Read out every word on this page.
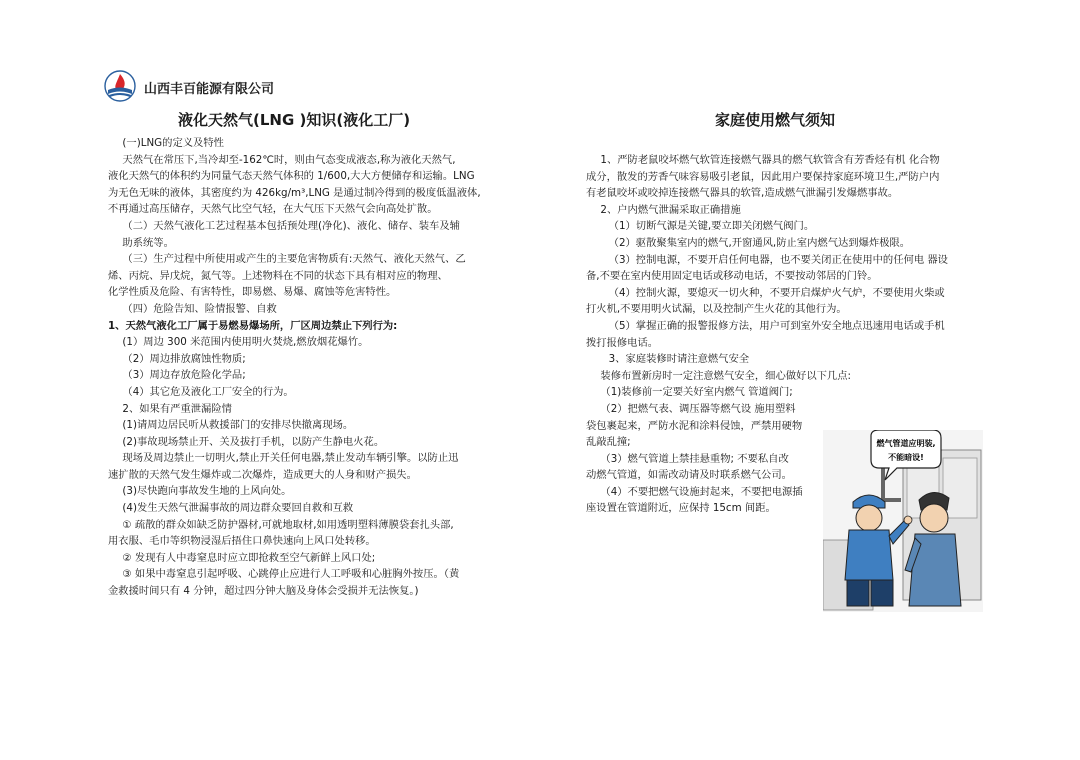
山西丰百能源有限公司
液化天然气(LNG )知识(液化工厂)

(一)LNG的定义及特性

天然气在常压下,当冷却至-162℃时，则由气态变成液态,称为液化天然气,

液化天然气的体积约为同量气态天然气体积的 1/600,大大方便储存和运输。LNG

为无色无味的液体，其密度约为 426kg/m³,LNG 是通过制冷得到的极度低温液体,

不再通过高压储存，天然气比空气轻，在大气压下天然气会向高处扩散。

（二）天然气液化工艺过程基本包括预处理(净化)、液化、储存、装车及辅

助系统等。

（三）生产过程中所使用或产生的主要危害物质有:天然气、液化天然气、乙

烯、丙烷、异戊烷，氮气等。上述物料在不同的状态下具有相对应的物理、

化学性质及危险、有害特性，即易燃、易爆、腐蚀等危害特性。

（四）危险告知、险情报警、自救

1、天然气液化工厂属于易燃易爆场所，厂区周边禁止下列行为:

(1）周边 300 米范围内使用明火焚烧,燃放烟花爆竹。

（2）周边排放腐蚀性物质;

（3）周边存放危险化学品;

（4）其它危及液化工厂安全的行为。

2、如果有严重泄漏险情

(1)请周边居民听从救援部门的安排尽快撤离现场。

(2)事故现场禁止开、关及拔打手机，以防产生静电火花。

现场及周边禁止一切明火,禁止开关任何电器,禁止发动车辆引擎。以防止迅

速扩散的天然气发生爆炸或二次爆炸，造成更大的人身和财产损失。

(3)尽快跑向事故发生地的上风向处。

(4)发生天然气泄漏事故的周边群众要回自救和互救

① 疏散的群众如缺乏防护器材,可就地取材,如用透明塑料薄膜袋套扎头部,

用衣服、毛巾等织物浸湿后捂住口鼻快速向上风口处转移。

② 发现有人中毒窒息时应立即抢救至空气新鲜上风口处;

③ 如果中毒窒息引起呼吸、心跳停止应进行人工呼吸和心脏胸外按压。（黄

金救援时间只有 4 分钟，超过四分钟大脑及身体会受损并无法恢复。)

家庭使用燃气须知

1、严防老鼠咬坏燃气软管连接燃气器具的燃气软管含有芳香烃有机 化合物

成分，散发的芳香气味容易吸引老鼠，因此用户要保持家庭环境卫生,严防户内

有老鼠咬坏或咬掉连接燃气器具的软管,造成燃气泄漏引发爆燃事故。

2、户内燃气泄漏采取正确措施

（1）切断气源是关键,要立即关闭燃气阀门。

（2）驱散聚集室内的燃气,开窗通风,防止室内燃气达到爆炸极限。

（3）控制电源，不要开启任何电器，也不要关闭正在使用中的任何电 器设

备,不要在室内使用固定电话或移动电话，不要按动邻居的门铃。

（4）控制火源，要熄灭一切火种，不要开启煤炉火气炉，不要使用火柴或

打火机,不要用明火试漏，以及控制产生火花的其他行为。

（5）掌握正确的报警报修方法，用户可到室外安全地点迅速用电话或手机

拨打报修电话。

3、家庭装修时请注意燃气安全

装修布置新房时一定注意燃气安全，细心做好以下几点:

（1)装修前一定要关好室内燃气 管道阀门;

（2）把燃气表、调压器等燃气设 施用塑料

袋包裹起来，严防水泥和涂料侵蚀，严禁用硬物

乱敲乱撞;

（3）燃气管道上禁挂悬重物; 不要私自改

动燃气管道，如需改动请及时联系燃气公司。

（4）不要把燃气设施封起来，不要把电源插

座设置在管道附近，应保持 15cm 间距。

燃气管道应明装,
不能暗设!
